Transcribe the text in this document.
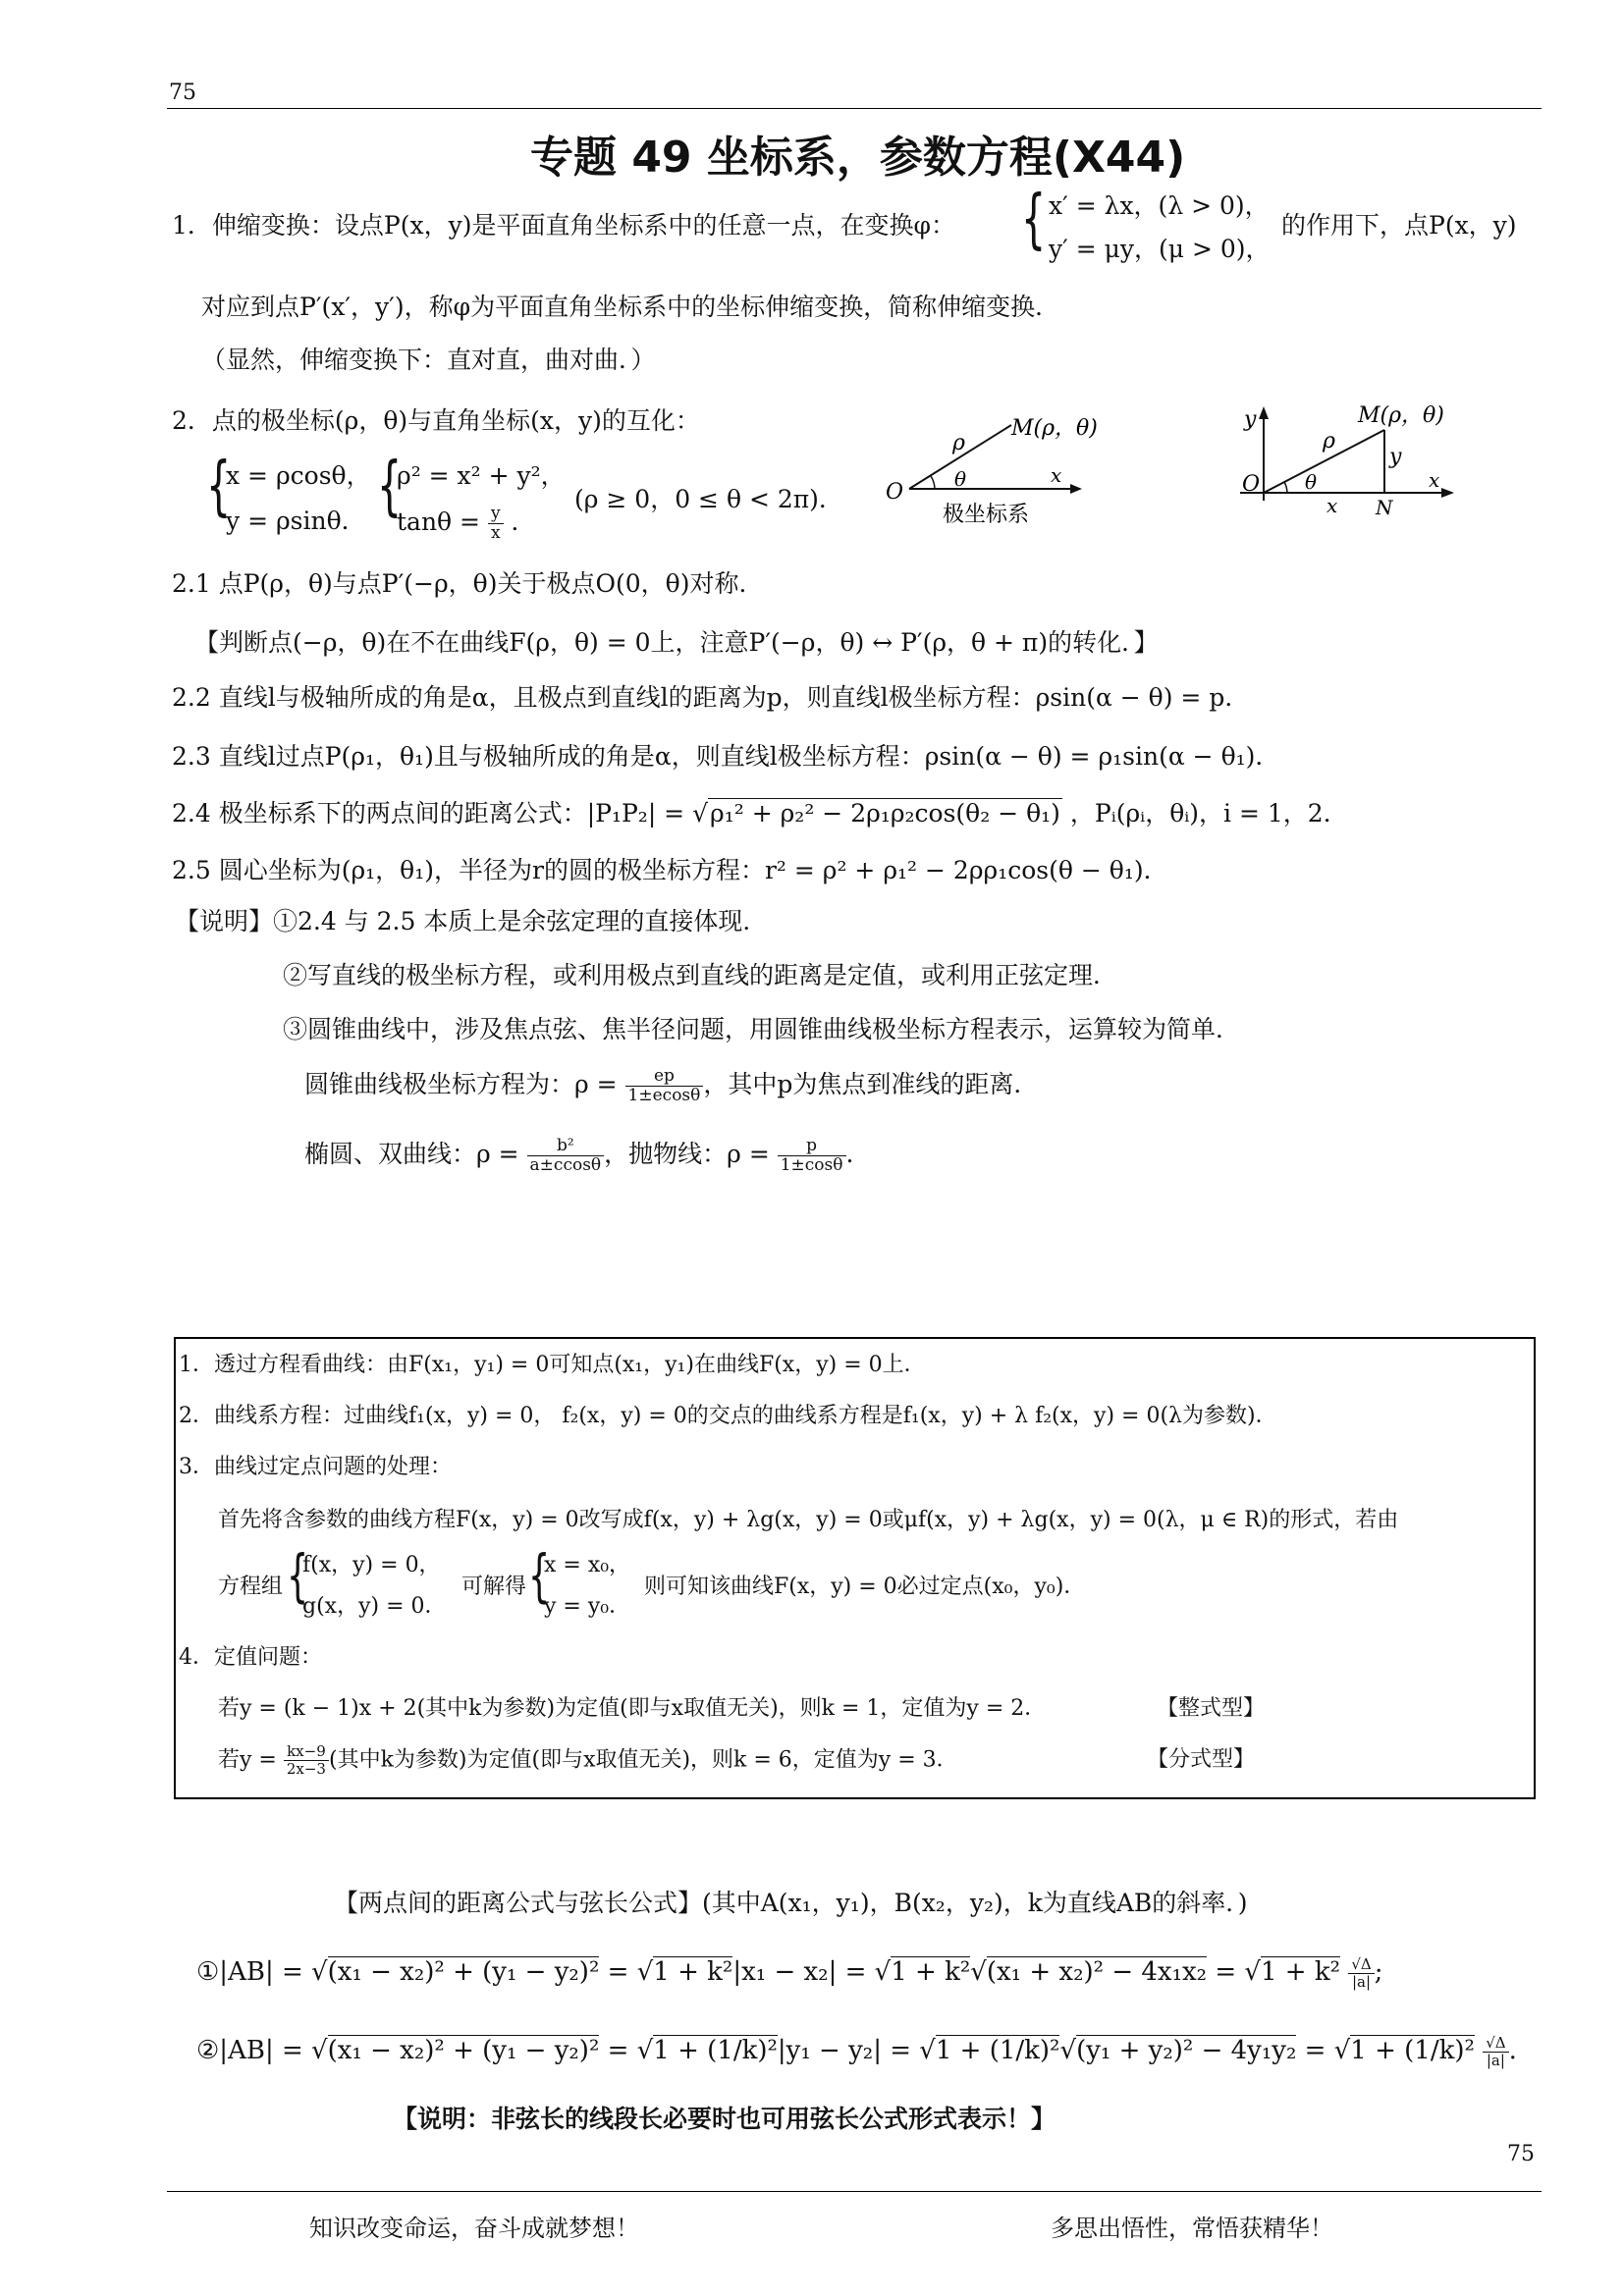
75
专题 49 坐标系，参数方程(X44)
1．伸缩变换：设点P(x，y)是平面直角坐标系中的任意一点，在变换φ： { x′ = λx，(λ > 0)，
y′ = μy，(μ > 0)，
的作用下，点P(x，y)
对应到点P′(x′，y′)，称φ为平面直角坐标系中的坐标伸缩变换，简称伸缩变换．
（显然，伸缩变换下：直对直，曲对曲．）
2．点的极坐标(ρ，θ)与直角坐标(x，y)的互化：
{
x = ρcosθ，
y = ρsinθ． {
ρ² = x² + y²，
$\tan\theta = \frac{y}{x}$ ．
(ρ ≥ 0，0 ≤ θ < 2π)． O
ρ
M(ρ，θ)
θ	x
极坐标系
y	M(ρ，θ)
ρ
y
O θ	x
x N
2.1 点P(ρ，θ)与点P′(−ρ，θ)关于极点O(0，θ)对称．
【判断点(−ρ，θ)在不在曲线F(ρ，θ) = 0上，注意P′(−ρ，θ) ↔ P′(ρ，θ + π)的转化．】
2.2 直线l与极轴所成的角是α，且极点到直线l的距离为p，则直线l极坐标方程：ρsin(α − θ) = p．
2.3 直线l过点P(ρ₁，θ₁)且与极轴所成的角是α，则直线l极坐标方程：ρsin(α − θ) = ρ₁sin(α − θ₁)．
2.4 极坐标系下的两点间的距离公式：|P₁P₂| = √ρ₁² + ρ₂² − 2ρ₁ρ₂cos(θ₂ − θ₁) ，Pᵢ(ρᵢ，θᵢ)，i = 1，2．
2.5 圆心坐标为(ρ₁，θ₁)，半径为r的圆的极坐标方程：r² = ρ² + ρ₁² − 2ρρ₁cos(θ − θ₁)．
【说明】①2.4 与 2.5 本质上是余弦定理的直接体现．
②写直线的极坐标方程，或利用极点到直线的距离是定值，或利用正弦定理．
③圆锥曲线中，涉及焦点弦、焦半径问题，用圆锥曲线极坐标方程表示，运算较为简单．
圆锥曲线极坐标方程为：$\rho = \frac{ep}{1\pm ecos\theta}$ ，其中p为焦点到准线的距离．
椭圆、双曲线：$\rho = \frac{\text{b²}}{a\pm ccos\theta}$ ，抛物线：$\rho = \frac{p}{1\pm\cos\theta}$ .
1．透过方程看曲线：由F(x₁，y₁) = 0可知点(x₁，y₁)在曲线F(x，y) = 0上．
2．曲线系方程：过曲线f₁(x，y) = 0， f₂(x，y) = 0的交点的曲线系方程是f₁(x，y) + λ f₂(x，y) = 0(λ为参数)．
3．曲线过定点问题的处理：
首先将含参数的曲线方程F(x，y) = 0改写成f(x，y) + λg(x，y) = 0或μf(x，y) + λg(x，y) = 0(λ，μ ∈ R)的形式，若由
方程组 {
f(x，y) = 0，
g(x，y) = 0．
可解得 {
x = x₀，
y = y₀．
则可知该曲线F(x，y) = 0必过定点(x₀，y₀)．
4．定值问题：
若y = (k − 1)x + 2(其中k为参数)为定值(即与x取值无关)，则k = 1，定值为y = 2．	【整式型】
若$y = \frac{kx-9}{2x-3}$ (其中k为参数)为定值(即与x取值无关)，则k = 6，定值为y = 3．	【分式型】
【两点间的距离公式与弦长公式】(其中A(x₁，y₁)，B(x₂，y₂)，k为直线AB的斜率．)
①|AB| = $√(x_1 - x_2)^2 + (y_1 - y_2)^2 = √1 + k^2|x_1 - x_2| = √1 + k^2√(x_1 + x_2)^2 - 4x_1x_2 = √1 + k^2 \frac{√\Delta}{|a|}$ ;
②|AB| = $√(x_1 - x_2)^2 + (y_1 - y_2)^2 = √1 + (1/k)^2|y_1 - y_2| = √1 + (1/k)^2√(y_1 + y_2)^2 - 4y_1y_2 = √1 + (1/k)^2 \frac{√\Delta}{|a|}$ .
【说明：非弦长的线段长必要时也可用弦长公式形式表示！】
75
知识改变命运，奋斗成就梦想！	多思出悟性，常悟获精华！
